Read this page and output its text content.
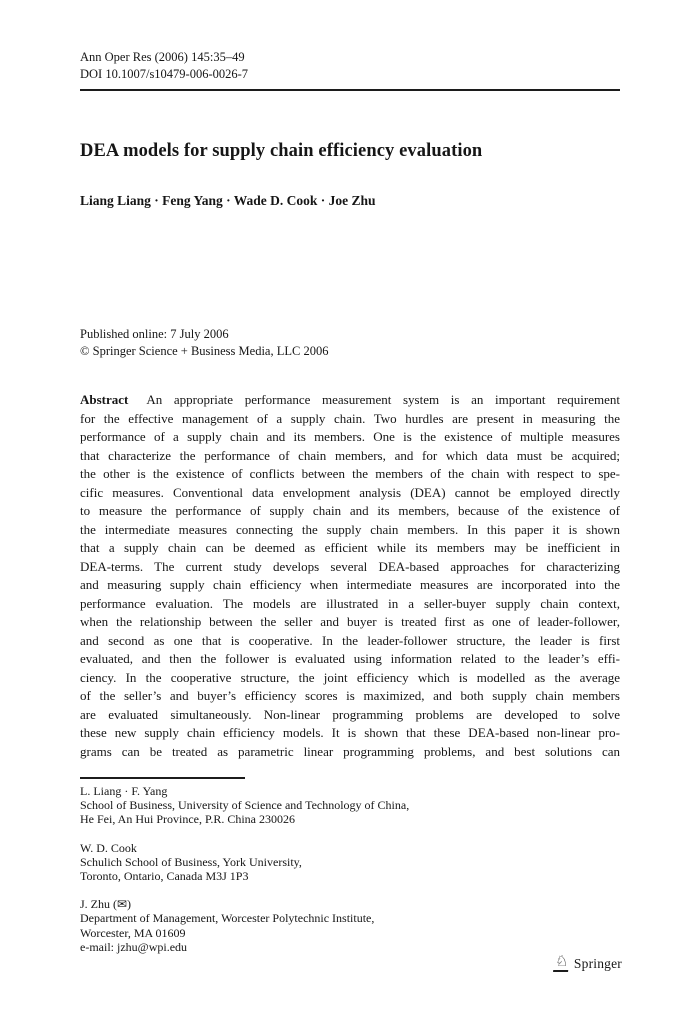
Ann Oper Res (2006) 145:35–49
DOI 10.1007/s10479-006-0026-7
DEA models for supply chain efficiency evaluation
Liang Liang · Feng Yang · Wade D. Cook · Joe Zhu
Published online: 7 July 2006
© Springer Science + Business Media, LLC 2006
Abstract An appropriate performance measurement system is an important requirement
for the effective management of a supply chain. Two hurdles are present in measuring the
performance of a supply chain and its members. One is the existence of multiple measures
that characterize the performance of chain members, and for which data must be acquired;
the other is the existence of conflicts between the members of the chain with respect to spe-
cific measures. Conventional data envelopment analysis (DEA) cannot be employed directly
to measure the performance of supply chain and its members, because of the existence of
the intermediate measures connecting the supply chain members. In this paper it is shown
that a supply chain can be deemed as efficient while its members may be inefficient in
DEA-terms. The current study develops several DEA-based approaches for characterizing
and measuring supply chain efficiency when intermediate measures are incorporated into the
performance evaluation. The models are illustrated in a seller-buyer supply chain context,
when the relationship between the seller and buyer is treated first as one of leader-follower,
and second as one that is cooperative. In the leader-follower structure, the leader is first
evaluated, and then the follower is evaluated using information related to the leader’s effi-
ciency. In the cooperative structure, the joint efficiency which is modelled as the average
of the seller’s and buyer’s efficiency scores is maximized, and both supply chain members
are evaluated simultaneously. Non-linear programming problems are developed to solve
these new supply chain efficiency models. It is shown that these DEA-based non-linear pro-
grams can be treated as parametric linear programming problems, and best solutions can
L. Liang · F. Yang
School of Business, University of Science and Technology of China,
He Fei, An Hui Province, P.R. China 230026
W. D. Cook
Schulich School of Business, York University,
Toronto, Ontario, Canada M3J 1P3
J. Zhu (✉)
Department of Management, Worcester Polytechnic Institute,
Worcester, MA 01609
e-mail: jzhu@wpi.edu
♘ Springer
